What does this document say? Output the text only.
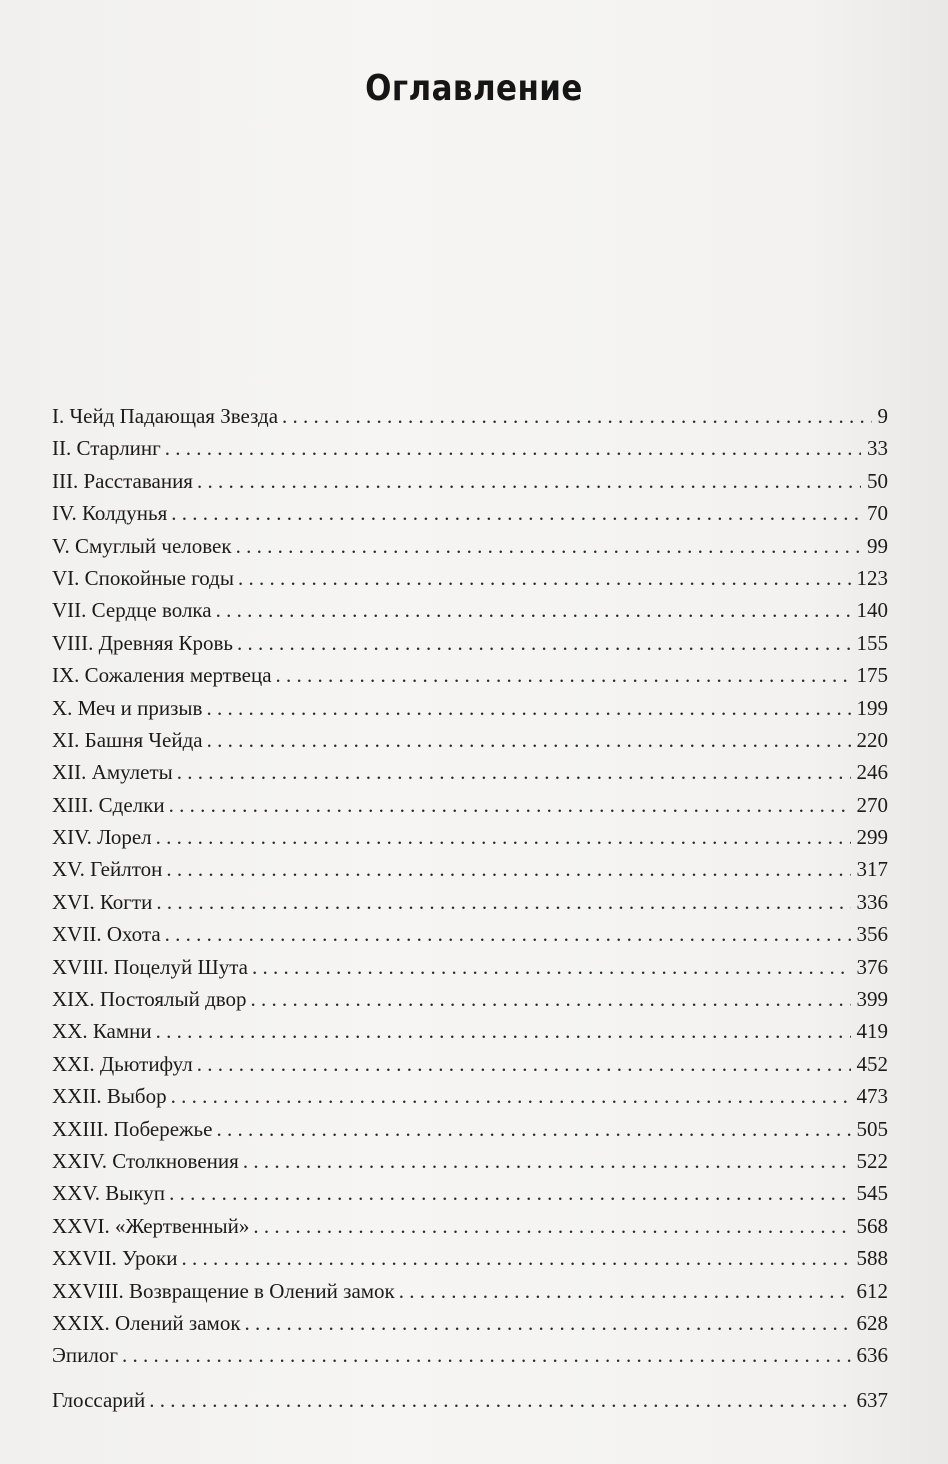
Оглавление
I. Чейд Падающая Звезда . . .	9
II. Старлинг . . .	33
III. Расставания . . .	50
IV. Колдунья . . .	70
V. Смуглый человек . . .	99
VI. Спокойные годы . . .	123
VII. Сердце волка . . .	140
VIII. Древняя Кровь . . .	155
IX. Сожаления мертвеца . . .	175
X. Меч и призыв . . .	199
XI. Башня Чейда . . .	220
XII. Амулеты . . .	246
XIII. Сделки . . .	270
XIV. Лорел . . .	299
XV. Гейлтон . . .	317
XVI. Когти . . .	336
XVII. Охота . . .	356
XVIII. Поцелуй Шута . . .	376
XIX. Постоялый двор . . .	399
XX. Камни . . .	419
XXI. Дьютифул . . .	452
XXII. Выбор . . .	473
XXIII. Побережье . . .	505
XXIV. Столкновения . . .	522
XXV. Выкуп . . .	545
XXVI. «Жертвенный» . . .	568
XXVII. Уроки . . .	588
XXVIII. Возвращение в Олений замок . . .	612
XXIX. Олений замок . . .	628
Эпилог . . .	636
Глоссарий . . .	637
